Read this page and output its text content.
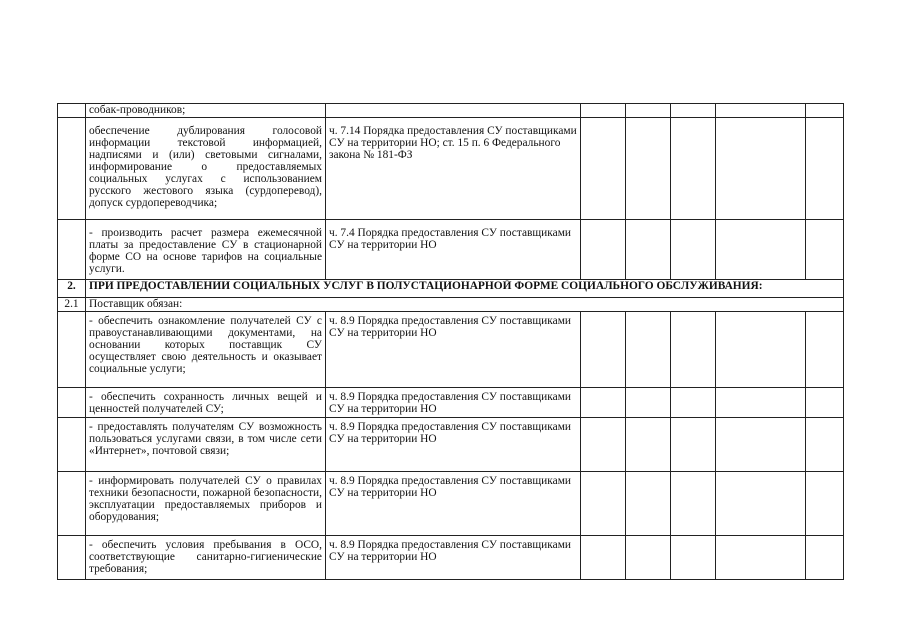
	собак-проводников;						
	обеспечение дублирования голосовой информации текстовой информацией, надписями и (или) световыми сигналами, информирование о предоставляемых социальных услугах с использованием русского жестового языка (сурдоперевод), допуск сурдопереводчика;	ч. 7.14 Порядка предоставления СУ поставщиками СУ на территории НО; ст. 15 п. 6 Федерального закона № 181-ФЗ					
	- производить расчет размера ежемесячной платы за предоставление СУ в стационарной форме СО на основе тарифов на социальные услуги.	ч. 7.4 Порядка предоставления СУ поставщиками СУ на территории НО					
2.	ПРИ ПРЕДОСТАВЛЕНИИ СОЦИАЛЬНЫХ УСЛУГ В ПОЛУСТАЦИОНАРНОЙ ФОРМЕ СОЦИАЛЬНОГО ОБСЛУЖИВАНИЯ:						
2.1	Поставщик обязан:						
	- обеспечить ознакомление получателей СУ с правоустанавливающими документами, на основании которых поставщик СУ осуществляет свою деятельность и оказывает социальные услуги;	ч. 8.9 Порядка предоставления СУ поставщиками СУ на территории НО					
	- обеспечить сохранность личных вещей и ценностей получателей СУ;	ч. 8.9 Порядка предоставления СУ поставщиками СУ на территории НО					
	- предоставлять получателям СУ возможность пользоваться услугами связи, в том числе сети «Интернет», почтовой связи;	ч. 8.9 Порядка предоставления СУ поставщиками СУ на территории НО					
	- информировать получателей СУ о правилах техники безопасности, пожарной безопасности, эксплуатации предоставляемых приборов и оборудования;	ч. 8.9 Порядка предоставления СУ поставщиками СУ на территории НО					
	- обеспечить условия пребывания в ОСО, соответствующие санитарно-гигиенические требования;	ч. 8.9 Порядка предоставления СУ поставщиками СУ на территории НО					
